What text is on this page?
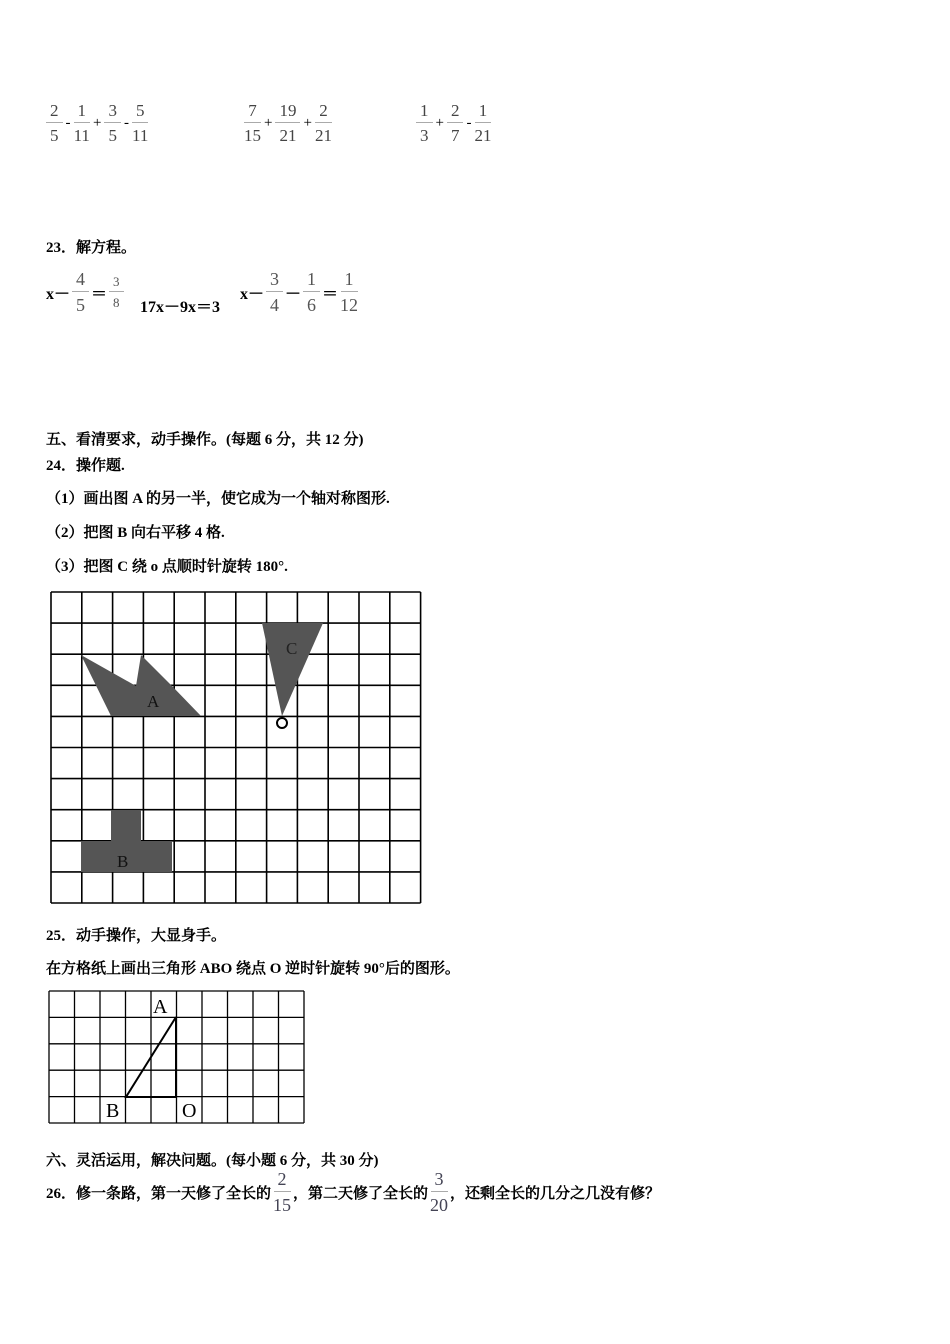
$\frac{2}{5} - \frac{1}{11} + \frac{3}{5} - \frac{5}{11}$	$\frac{7}{15} + \frac{19}{21} + \frac{2}{21}$	$\frac{1}{3} + \frac{2}{7} - \frac{1}{21}$
23．解方程。
$x- \frac{4}{5} = \frac{3}{8} 17x-9x=3$
$x- \frac{3}{4} - \frac{1}{6} = \frac{1}{12}$
五、看清要求，动手操作。(每题 6 分，共 12 分)
24．操作题.
（1）画出图 A 的另一半，使它成为一个轴对称图形.
（2）把图 B 向右平移 4 格.
（3）把图 C 绕 o 点顺时针旋转 180°.
A
C
B
A
B	O
25．动手操作，大显身手。
在方格纸上画出三角形 ABO 绕点 O 逆时针旋转 90°后的图形。
六、灵活运用，解决问题。(每小题 6 分，共 30 分)
26．修一条路，第一天修了全长的 $\frac{2}{15}$ ，第二天修了全长的 $\frac{3}{20}$ ，还剩全长的几分之几没有修？
